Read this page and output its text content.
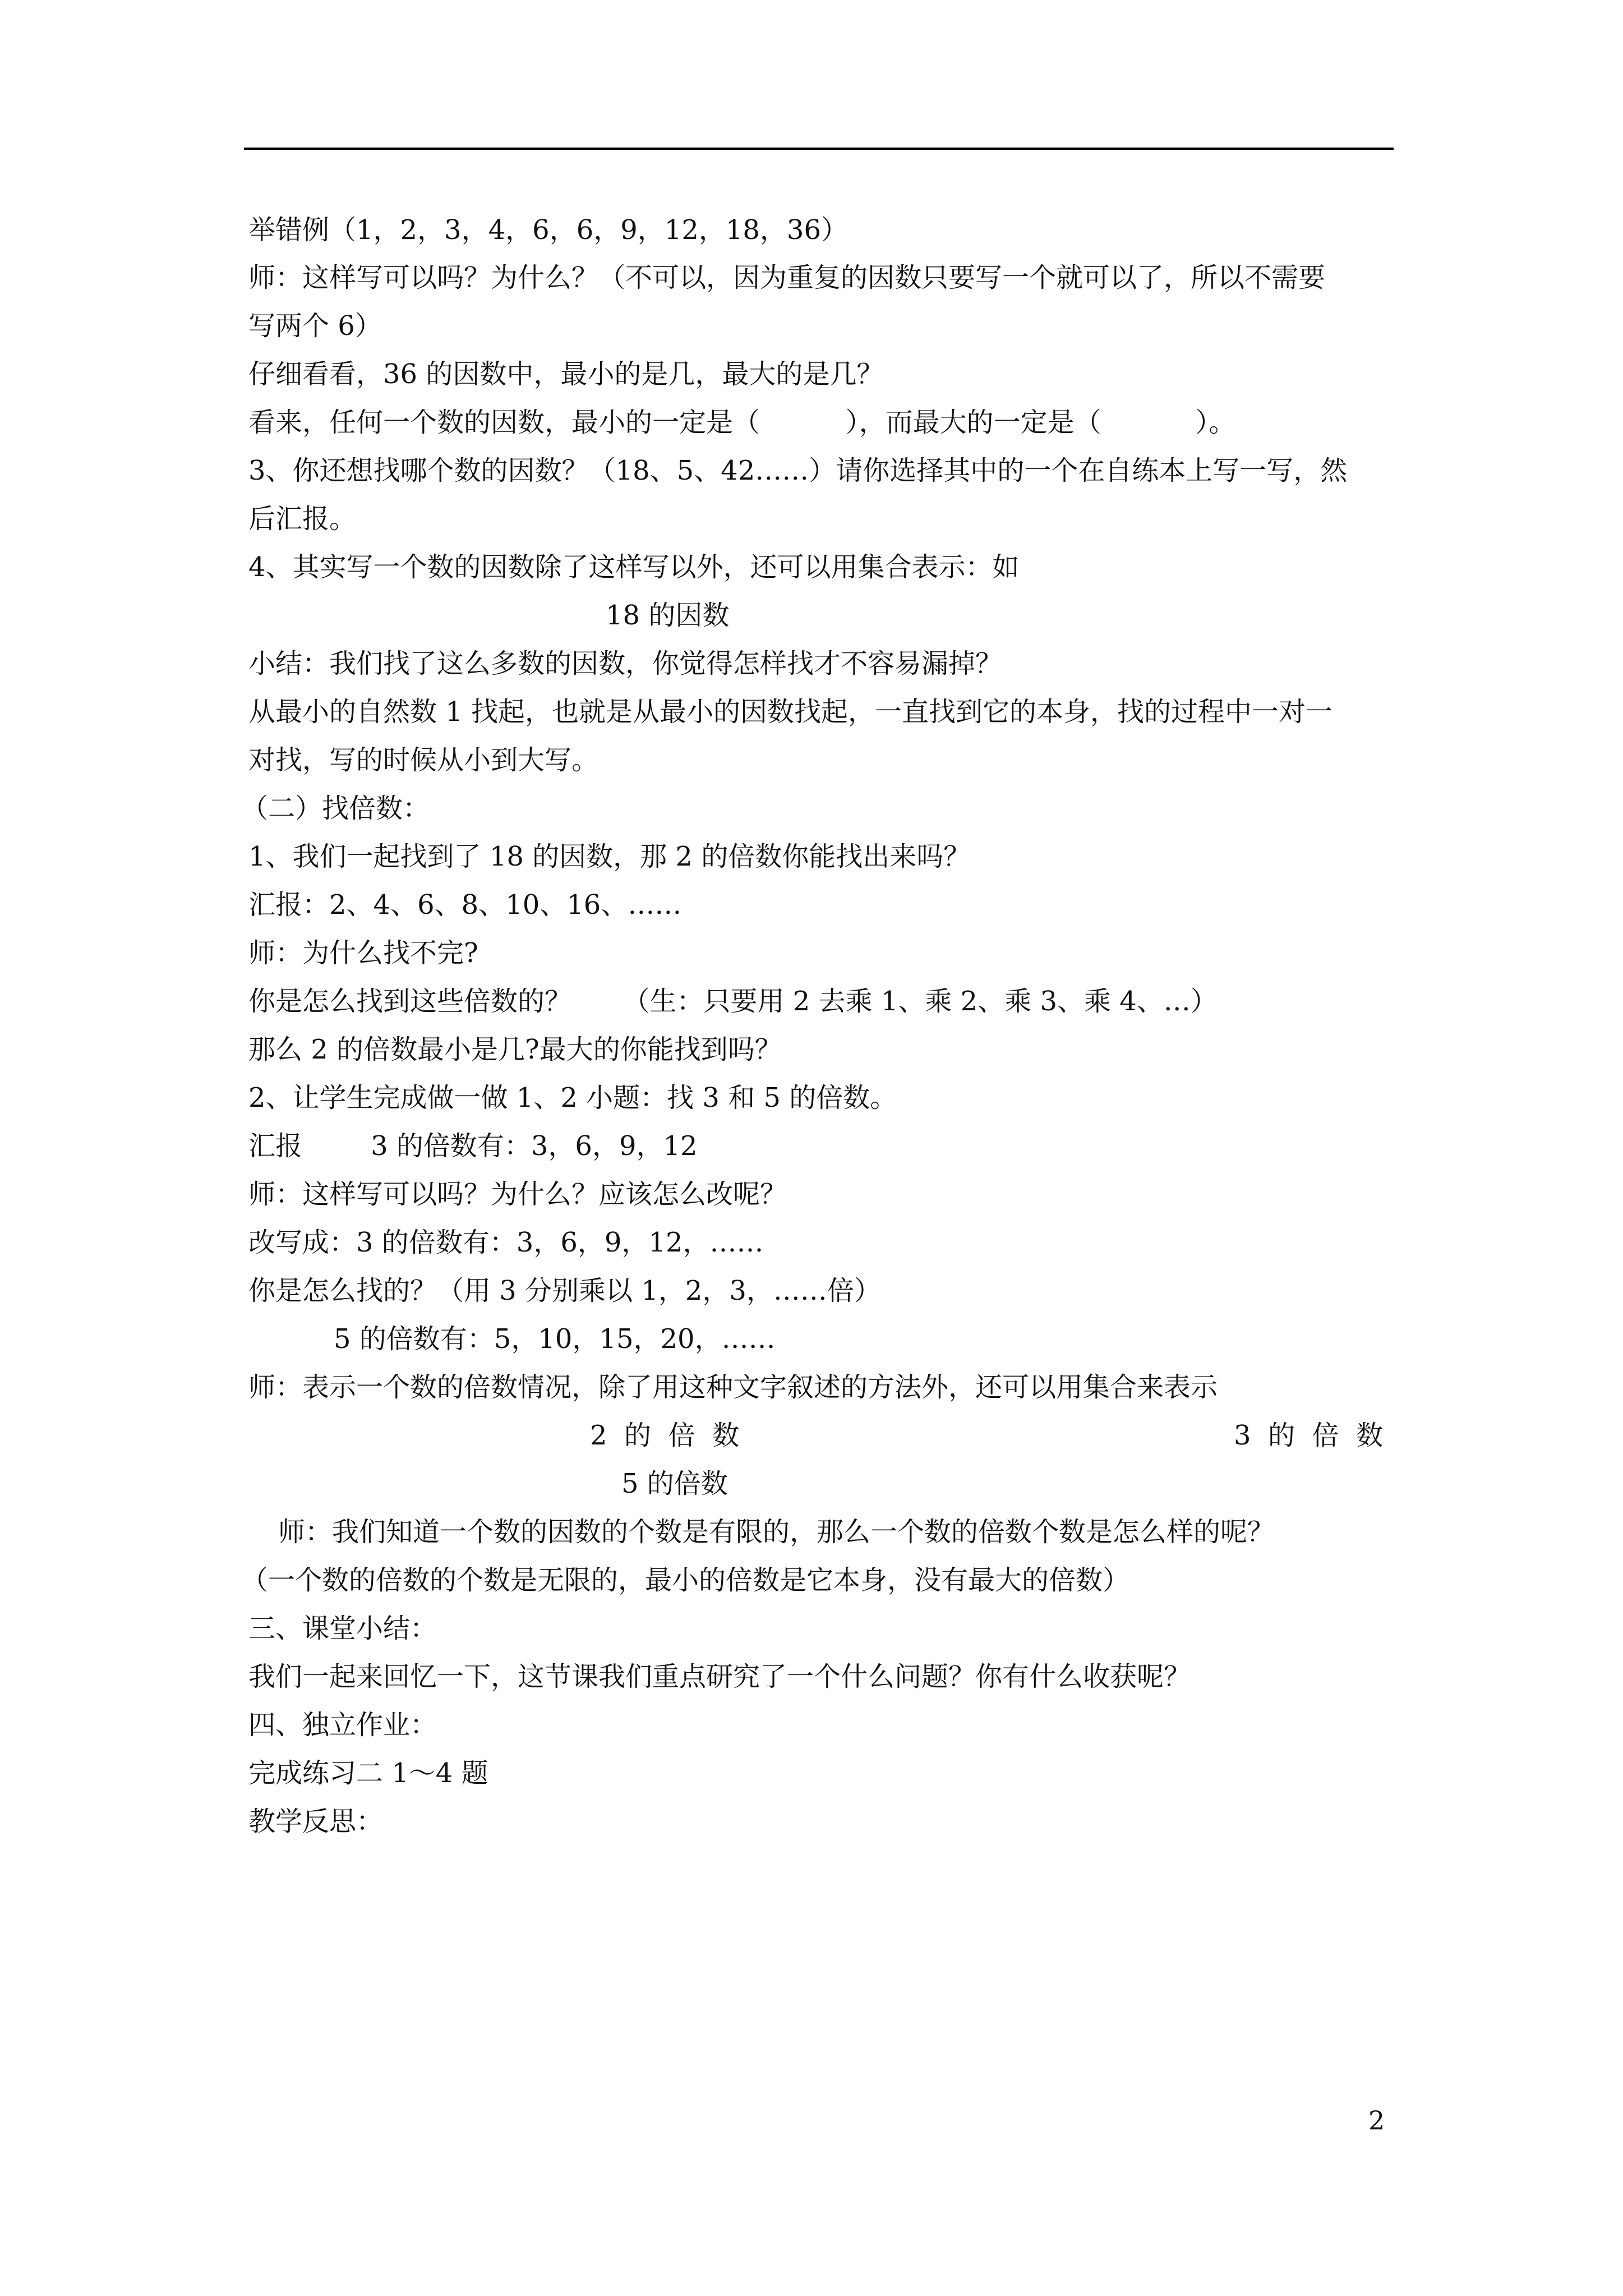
举错例（1，2，3，4，6，6，9，12，18，36）
师：这样写可以吗？为什么？（不可以，因为重复的因数只要写一个就可以了，所以不需要
写两个 6）
仔细看看，36 的因数中，最小的是几，最大的是几？
看来，任何一个数的因数，最小的一定是（          ），而最大的一定是（           ）。
3、你还想找哪个数的因数？（18、5、42……）请你选择其中的一个在自练本上写一写，然
后汇报。
4、其实写一个数的因数除了这样写以外，还可以用集合表示：如
18 的因数
小结：我们找了这么多数的因数，你觉得怎样找才不容易漏掉？
从最小的自然数 1 找起，也就是从最小的因数找起，一直找到它的本身，找的过程中一对一
对找，写的时候从小到大写。
（二）找倍数：
1、我们一起找到了 18 的因数，那 2 的倍数你能找出来吗？
汇报：2、4、6、8、10、16、……
师：为什么找不完?
你是怎么找到这些倍数的？      （生：只要用 2 去乘 1、乘 2、乘 3、乘 4、…）
那么 2 的倍数最小是几?最大的你能找到吗？
2、让学生完成做一做 1、2 小题：找 3 和 5 的倍数。
汇报        3 的倍数有：3，6，9，12
师：这样写可以吗？为什么？应该怎么改呢？
改写成：3 的倍数有：3，6，9，12，……
你是怎么找的？（用 3 分别乘以 1，2，3，……倍）
5 的倍数有：5，10，15，20，……
师：表示一个数的倍数情况，除了用这种文字叙述的方法外，还可以用集合来表示
2  的  倍  数	3  的  倍  数
5 的倍数
师：我们知道一个数的因数的个数是有限的，那么一个数的倍数个数是怎么样的呢？
（一个数的倍数的个数是无限的，最小的倍数是它本身，没有最大的倍数）
三、课堂小结：
我们一起来回忆一下，这节课我们重点研究了一个什么问题？你有什么收获呢？
四、独立作业：
完成练习二 1～4 题
教学反思：
2
